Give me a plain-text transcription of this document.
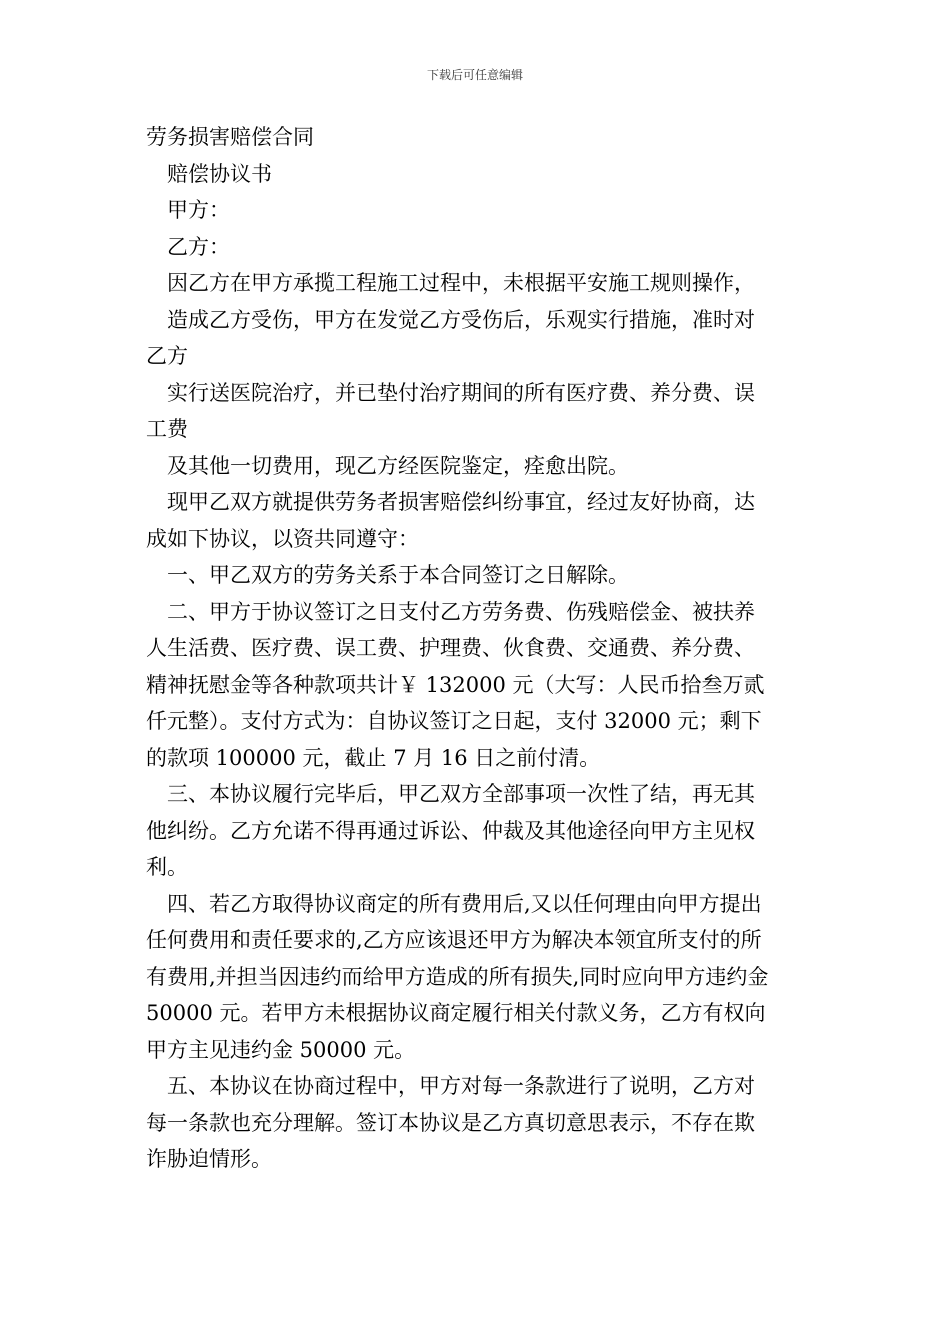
下载后可任意编辑
劳务损害赔偿合同
赔偿协议书
甲方：
乙方：
因乙方在甲方承揽工程施工过程中，未根据平安施工规则操作，
造成乙方受伤，甲方在发觉乙方受伤后，乐观实行措施，准时对
乙方
实行送医院治疗，并已垫付治疗期间的所有医疗费、养分费、误
工费
及其他一切费用，现乙方经医院鉴定，痊愈出院。
现甲乙双方就提供劳务者损害赔偿纠纷事宜，经过友好协商，达
成如下协议，以资共同遵守：
一、甲乙双方的劳务关系于本合同签订之日解除。
二、甲方于协议签订之日支付乙方劳务费、伤残赔偿金、被扶养
人生活费、医疗费、误工费、护理费、伙食费、交通费、养分费、
精神抚慰金等各种款项共计￥ 132000 元（大写：人民币拾叁万贰
仟元整）。支付方式为：自协议签订之日起，支付 32000 元；剩下
的款项 100000 元，截止 7 月 16 日之前付清。
三、本协议履行完毕后，甲乙双方全部事项一次性了结，再无其
他纠纷。乙方允诺不得再通过诉讼、仲裁及其他途径向甲方主见权
利。
四、若乙方取得协议商定的所有费用后,又以任何理由向甲方提出
任何费用和责任要求的,乙方应该退还甲方为解决本领宜所支付的所
有费用,并担当因违约而给甲方造成的所有损失,同时应向甲方违约金
50000 元。若甲方未根据协议商定履行相关付款义务，乙方有权向
甲方主见违约金 50000 元。
五、本协议在协商过程中，甲方对每一条款进行了说明，乙方对
每一条款也充分理解。签订本协议是乙方真切意思表示，不存在欺
诈胁迫情形。
